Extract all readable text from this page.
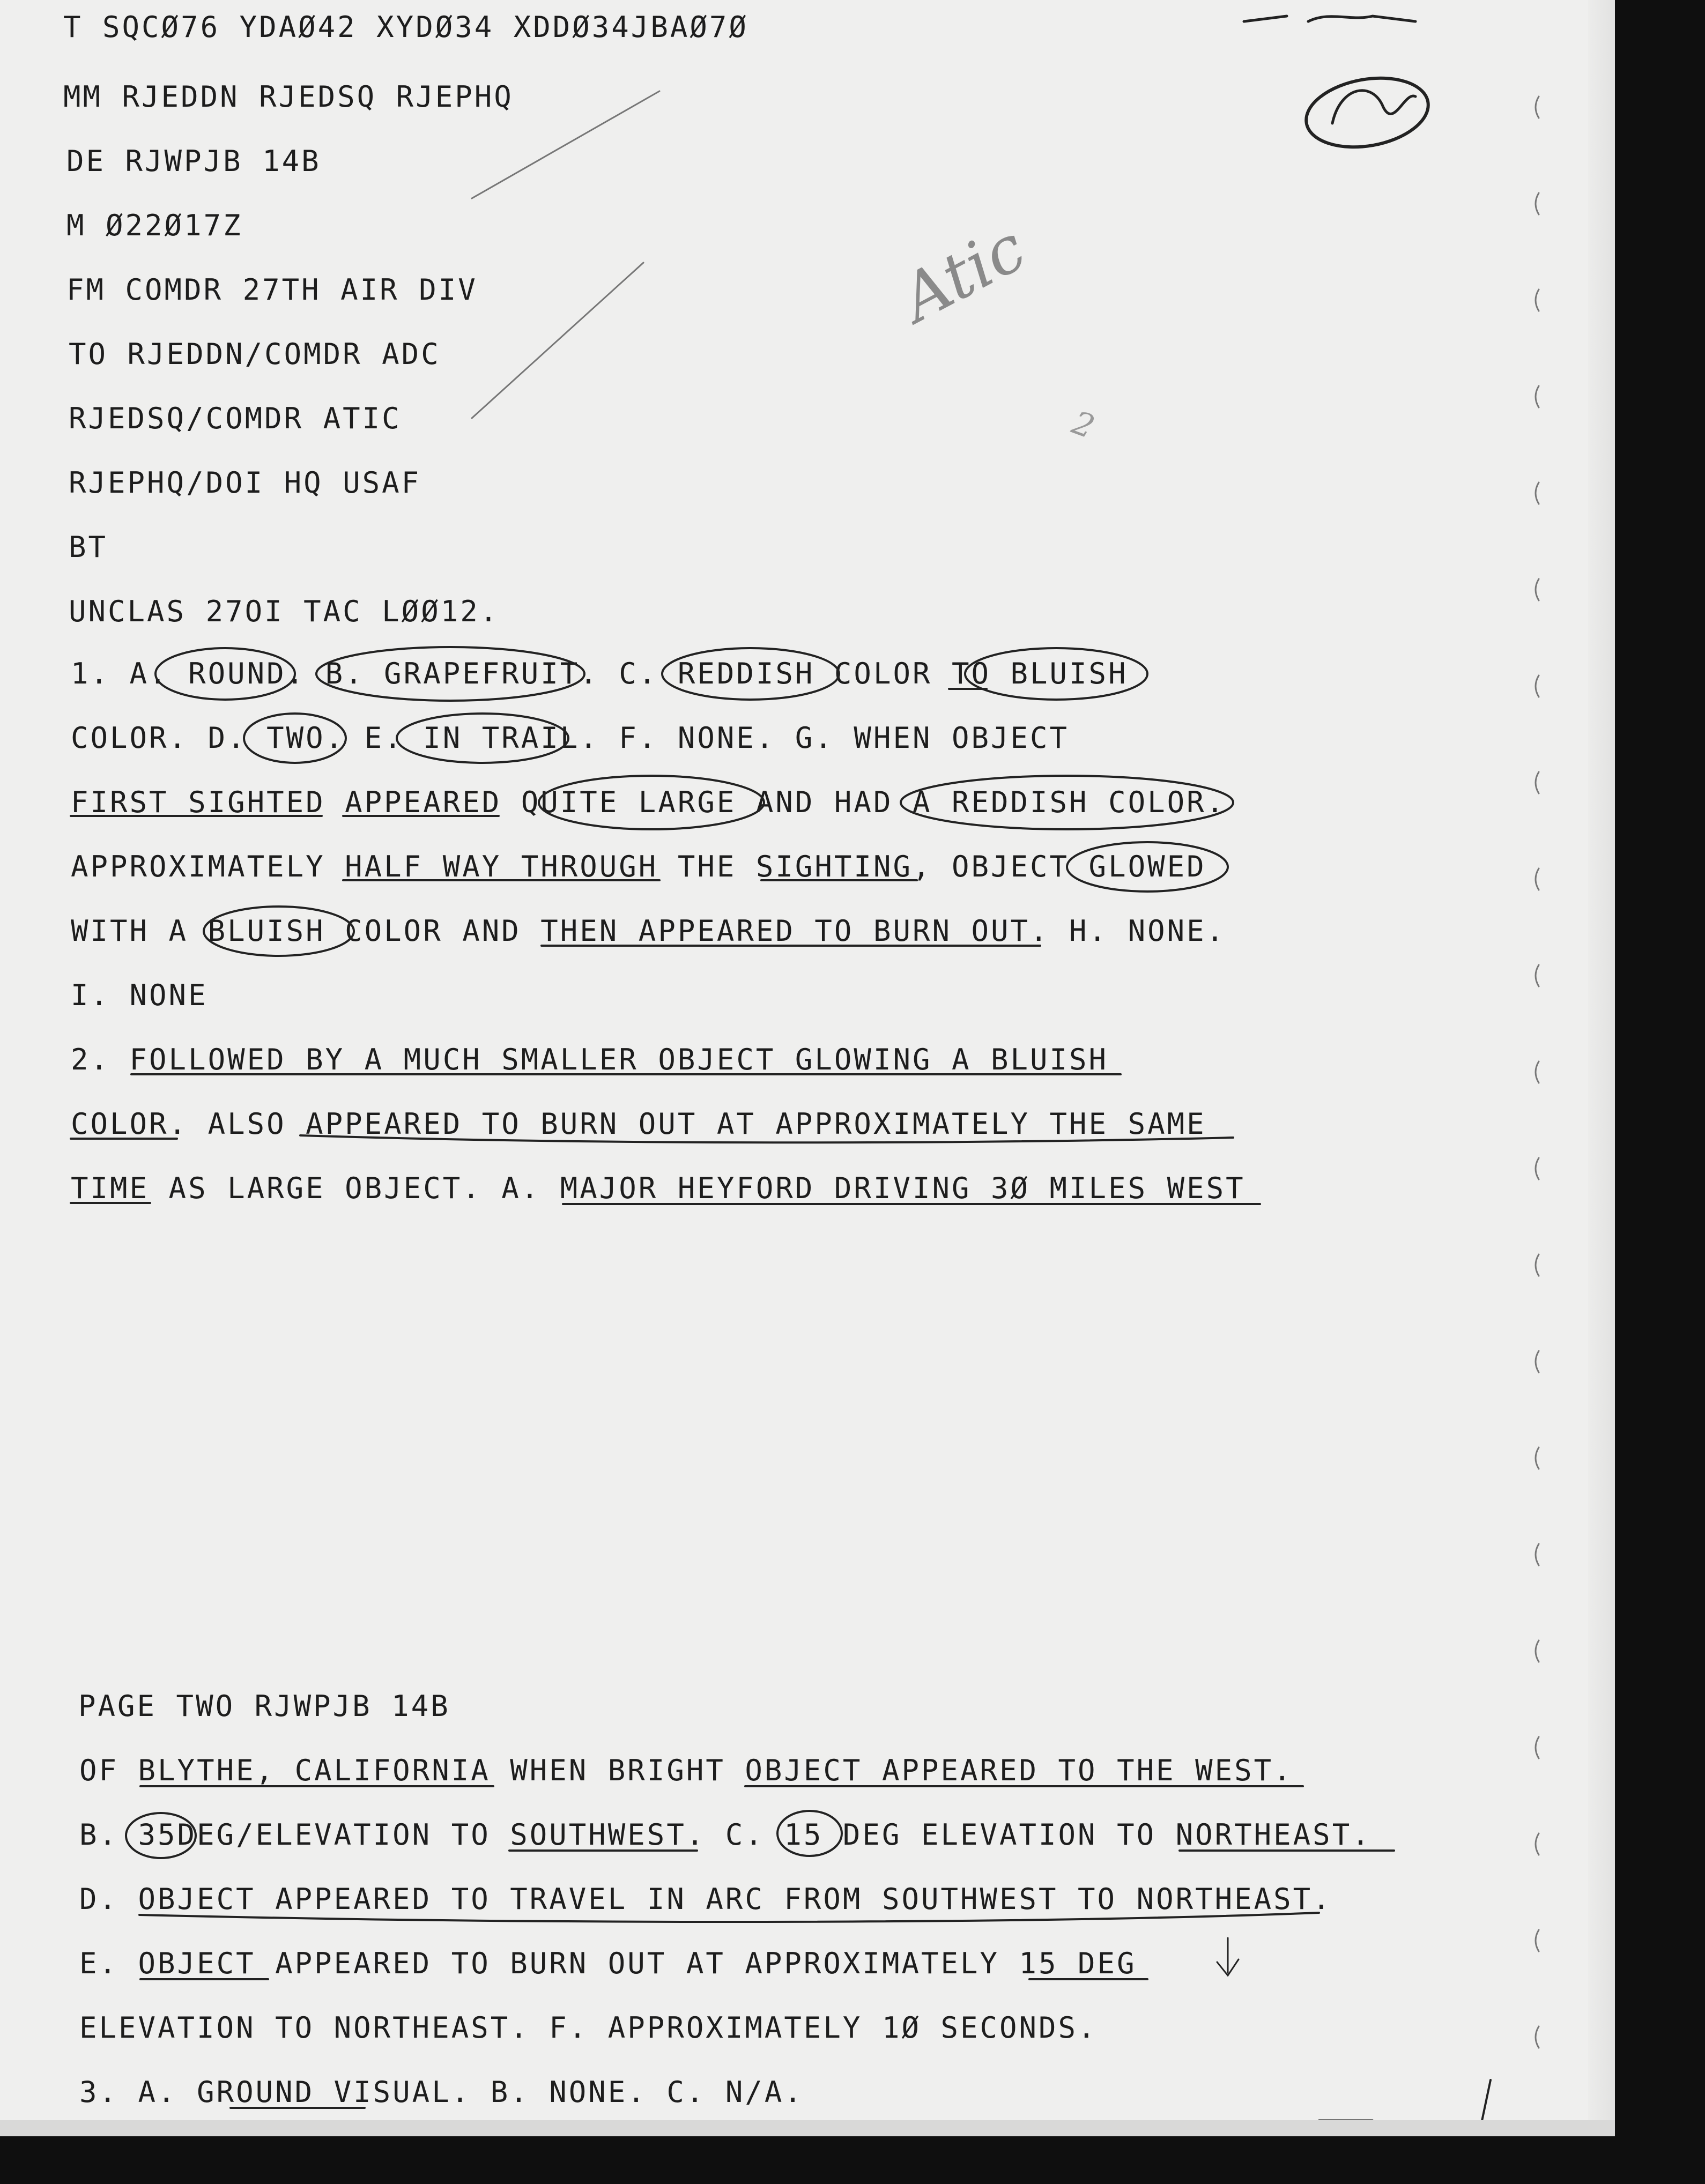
T SQCØ76 YDAØ42 XYDØ34 XDDØ34JBAØ7Ø

MM RJEDDN RJEDSQ RJEPHQ

DE RJWPJB 14B

M Ø22Ø17Z

FM COMDR 27TH AIR DIV

TO RJEDDN/COMDR ADC

RJEDSQ/COMDR ATIC

RJEPHQ/DOI HQ USAF

BT

UNCLAS 27OI TAC LØØ12.

1. A. ROUND. B. GRAPEFRUIT. C. REDDISH COLOR TO BLUISH

COLOR. D. TWO. E. IN TRAIL. F. NONE. G. WHEN OBJECT

FIRST SIGHTED APPEARED QUITE LARGE AND HAD A REDDISH COLOR.

APPROXIMATELY HALF WAY THROUGH THE SIGHTING, OBJECT GLOWED

WITH A BLUISH COLOR AND THEN APPEARED TO BURN OUT. H. NONE.

I. NONE

2. FOLLOWED BY A MUCH SMALLER OBJECT GLOWING A BLUISH

COLOR. ALSO APPEARED TO BURN OUT AT APPROXIMATELY THE SAME

TIME AS LARGE OBJECT. A. MAJOR HEYFORD DRIVING 3Ø MILES WEST

PAGE TWO RJWPJB 14B

OF BLYTHE, CALIFORNIA WHEN BRIGHT OBJECT APPEARED TO THE WEST.

B. 35DEG/ELEVATION TO SOUTHWEST. C. 15 DEG ELEVATION TO NORTHEAST.

D. OBJECT APPEARED TO TRAVEL IN ARC FROM SOUTHWEST TO NORTHEAST.

E. OBJECT APPEARED TO BURN OUT AT APPROXIMATELY 15 DEG

ELEVATION TO NORTHEAST. F. APPROXIMATELY 1Ø SECONDS.

3. A. GROUND VISUAL. B. NONE. C. N/A.

Atic
2
